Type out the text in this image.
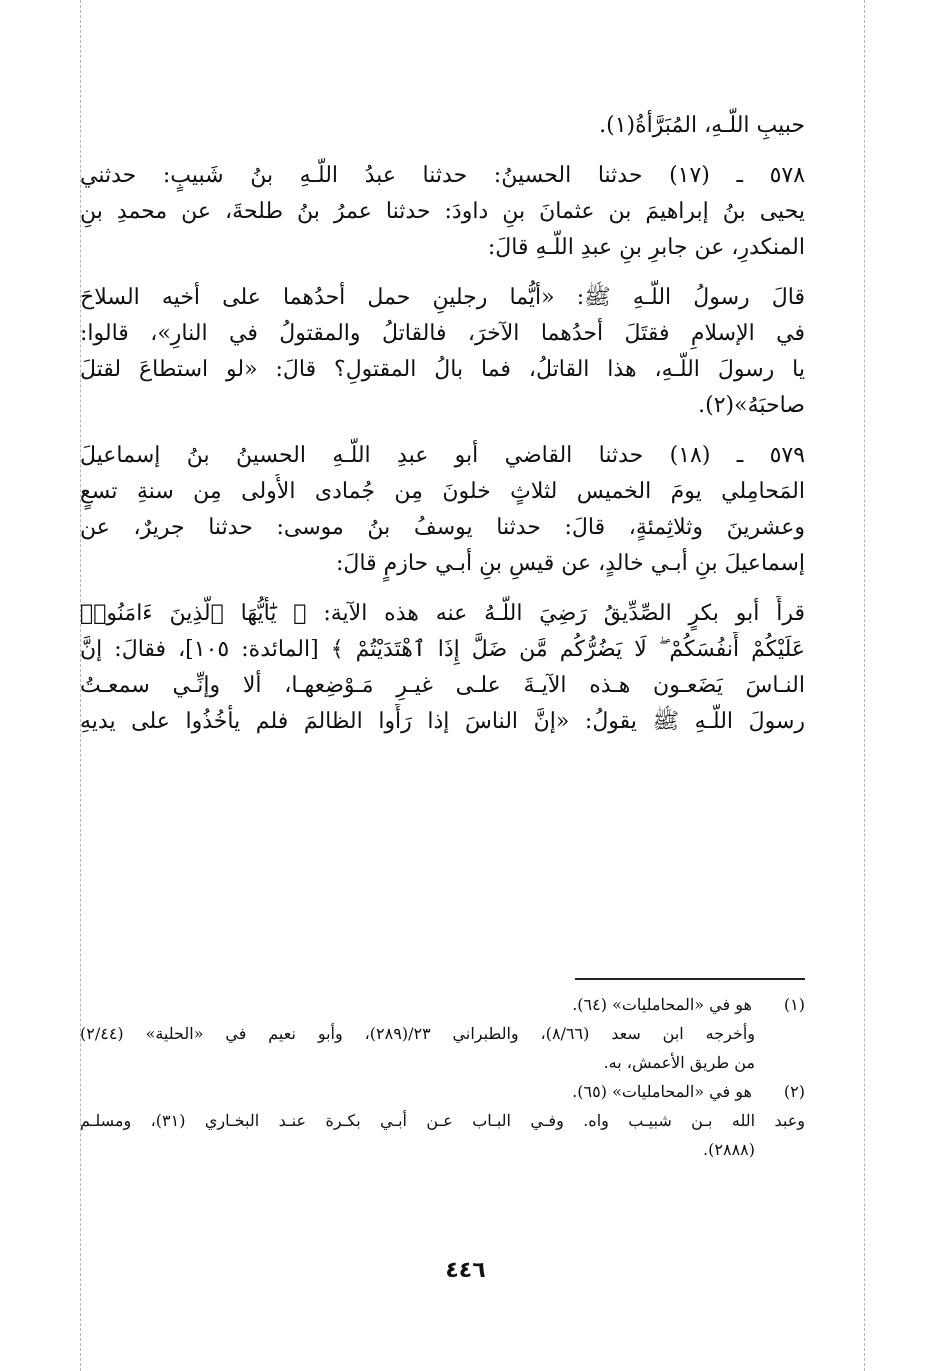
حبيبِ اللَّـهِ، المُبَرَّأةُ(١).
٥٧٨ ـ (١٧) حدثنا الحسينُ: حدثنا عبدُ اللَّـهِ بنُ شَبيبٍ: حدثني
يحيى بنُ إبراهيمَ بن عثمانَ بنِ داودَ: حدثنا عمرُ بنُ طلحةَ، عن محمدِ بنِ
المنكدرِ، عن جابرِ بنِ عبدِ اللَّـهِ قالَ:
قالَ رسولُ اللَّـهِ ﷺ: «أيُّما رجلينِ حمل أحدُهما على أخيه السلاحَ
في الإسلامِ فقتَلَ أحدُهما الآخرَ، فالقاتلُ والمقتولُ في النارِ»، قالوا:
يا رسولَ اللَّـهِ، هذا القاتلُ، فما بالُ المقتولِ؟ قالَ: «لو استطاعَ لقتلَ
صاحبَهُ»(٢).
٥٧٩ ـ (١٨) حدثنا القاضي أبو عبدِ اللَّـهِ الحسينُ بنُ إسماعيلَ
المَحامِلي يومَ الخميس لثلاثٍ خلونَ مِن جُمادى الأُولى مِن سنةِ تسعٍ
وعشرينَ وثلاثِمئةٍ، قالَ: حدثنا يوسفُ بنُ موسى: حدثنا جريرٌ، عن
إسماعيلَ بنِ أبـي خالدٍ، عن قيسِ بنِ أبـي حازمٍ قالَ:
قرأَ أبو بكرٍ الصِّدِّيقُ رَضِيَ اللَّـهُ عنه هذه الآية: ﴿ يَٰٓأَيُّهَا ٱلَّذِينَ ءَامَنُوا۟
عَلَيْكُمْ أَنفُسَكُمْ ۖ لَا يَضُرُّكُم مَّن ضَلَّ إِذَا ٱهْتَدَيْتُمْ ﴾ [المائدة: ١٠٥]، فقالَ: إنَّ
النـاسَ يَضَعـون هـذه الآيـةَ علـى غيـرِ مَـوْضِعهـا، ألا وإنِّـي سمعـتُ
رسولَ اللَّـهِ ﷺ يقولُ: «إنَّ الناسَ إذا رَأَوا الظالمَ فلم يأخُذُوا على يديهِ
(١) هو في «المحامليات» (٦٤).
وأخرجه ابن سعد (٨/٦٦)، والطبراني ٢٣/(٢٨٩)، وأبو نعيم في «الحلية» (٢/٤٤)
من طريق الأعمش، به.
(٢) هو في «المحامليات» (٦٥).
وعبد الله بـن شبيـب واه. وفـي البـاب عـن أبـي بكـرة عنـد البخـاري (٣١)، ومسلـم
(٢٨٨٨).
٤٤٦
